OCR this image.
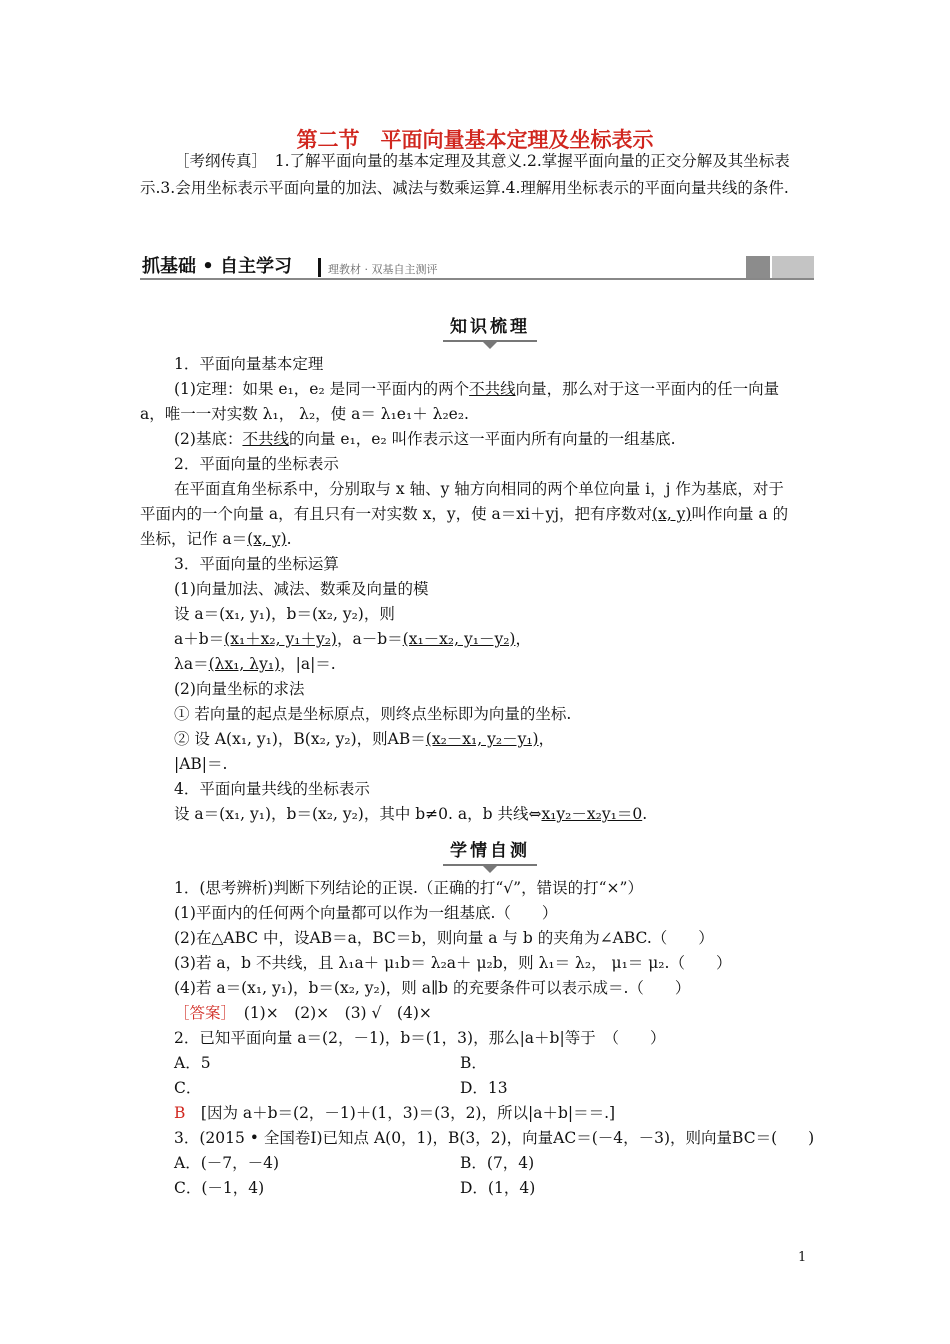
第二节　平面向量基本定理及坐标表示
［考纲传真］　1.了解平面向量的基本定理及其意义.2.掌握平面向量的正交分解及其坐标表示.3.会用坐标表示平面向量的加法、减法与数乘运算.4.理解用坐标表示的平面向量共线的条件.
抓基础 • 自主学习	理教材 · 双基自主测评
知识梳理
1．平面向量基本定理
(1)定理：如果 e₁，e₂ 是同一平面内的两个不共线向量，那么对于这一平面内的任一向量
a，唯一一对实数 λ₁， λ₂，使 a＝ λ₁e₁＋ λ₂e₂.
(2)基底：不共线的向量 e₁，e₂ 叫作表示这一平面内所有向量的一组基底.
2．平面向量的坐标表示
在平面直角坐标系中，分别取与 x 轴、y 轴方向相同的两个单位向量 i，j 作为基底，对于
平面内的一个向量 a，有且只有一对实数 x，y，使 a＝xi＋yj，把有序数对(x, y)叫作向量 a 的
坐标，记作 a＝(x, y).
3．平面向量的坐标运算
(1)向量加法、减法、数乘及向量的模
设 a＝(x₁, y₁)，b＝(x₂, y₂)，则
a＋b＝(x₁＋x₂, y₁＋y₂)，a－b＝(x₁－x₂, y₁－y₂)，
λa＝(λx₁, λy₁)，|a|＝.
(2)向量坐标的求法
① 若向量的起点是坐标原点，则终点坐标即为向量的坐标.
② 设 A(x₁, y₁)，B(x₂, y₂)，则AB＝(x₂－x₁, y₂－y₁)，
|AB|＝.
4．平面向量共线的坐标表示
设 a＝(x₁, y₁)，b＝(x₂, y₂)，其中 b≠0. a，b 共线⇔x₁y₂－x₂y₁＝0.
学情自测
1．(思考辨析)判断下列结论的正误.（正确的打“√”，错误的打“×”）
(1)平面内的任何两个向量都可以作为一组基底.（　　）
(2)在△ABC 中，设AB＝a，BC＝b，则向量 a 与 b 的夹角为∠ABC.（　　）
(3)若 a，b 不共线，且 λ₁a＋ μ₁b＝ λ₂a＋ μ₂b，则 λ₁＝ λ₂， μ₁＝ μ₂.（　　）
(4)若 a＝(x₁, y₁)，b＝(x₂, y₂)，则 a∥b 的充要条件可以表示成＝.（　　）
［答案］　(1)×　(2)×　(3) √　(4)×
2．已知平面向量 a＝(2，－1)，b＝(1，3)，那么|a＋b|等于　（　　）
A．5	B．
C．	D．13
B　[因为 a＋b＝(2，－1)＋(1，3)＝(3，2)，所以|a＋b|＝＝.]
3．(2015 • 全国卷Ⅰ)已知点 A(0，1)，B(3，2)，向量AC＝(－4，－3)，则向量BC＝(　　)
A．(－7，－4)	B．(7，4)
C．(－1，4)	D．(1，4)
1
